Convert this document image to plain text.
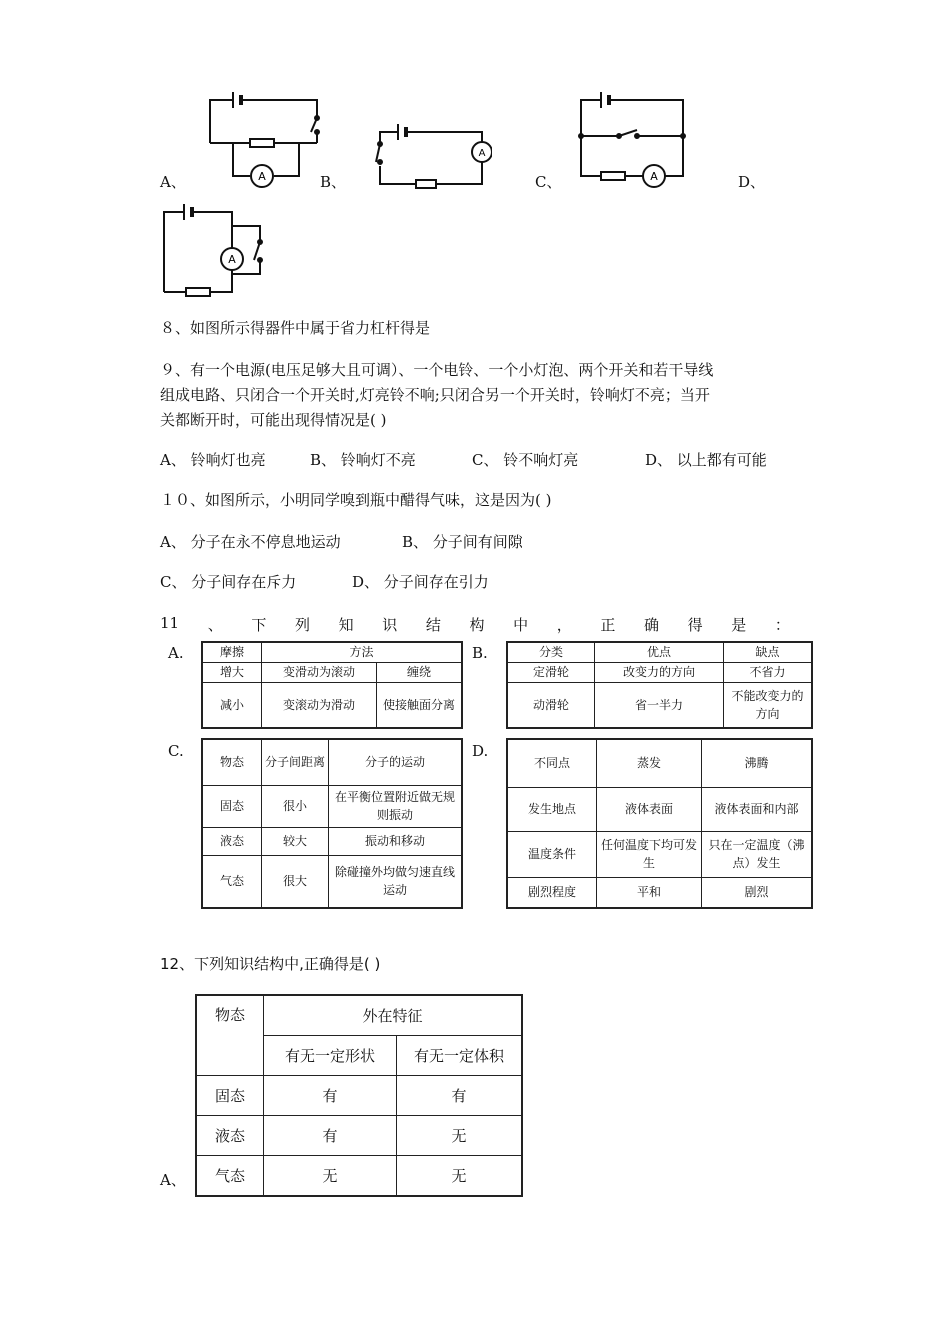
A、	A	B、
A
C、	A	D、
A
８、如图所示得器件中属于省力杠杆得是
９、有一个电源(电压足够大且可调）、一个电铃、一个小灯泡、两个开关和若干导线
组成电路、只闭合一个开关时,灯亮铃不响;只闭合另一个开关时，铃响灯不亮；当开
关都断开时，可能出现得情况是( )
A、 铃响灯也亮	B、 铃响灯不亮	C、 铃不响灯亮	D、 以上都有可能
１０、如图所示，小明同学嗅到瓶中醋得气味，这是因为( )
A、 分子在永不停息地运动	B、 分子间有间隙
C、 分子间存在斥力	D、 分子间存在引力
11 、 下 列 知 识 结 构 中 ， 正 确 得 是 ：
A.	摩擦	方法	
增大	变滑动为滚动	缠绕
减小	变滚动为滑动	使接触面分离
B.	分类	优点	缺点
定滑轮	改变力的方向	不省力
动滑轮	省一半力	不能改变力的方向
C.
物态	分子间距离	分子的运动
固态	很小	在平衡位置附近做无规则振动
液态	较大	振动和移动
气态	很大	除碰撞外均做匀速直线运动
D.
不同点	蒸发	沸腾
发生地点	液体表面	液体表面和内部
温度条件	任何温度下均可发生	只在一定温度（沸点）发生
剧烈程度	平和	剧烈
12、下列知识结构中,正确得是( )
A、
物态	外在特征	
	有无一定形状	有无一定体积
固态	有	有
液态	有	无
气态	无	无
